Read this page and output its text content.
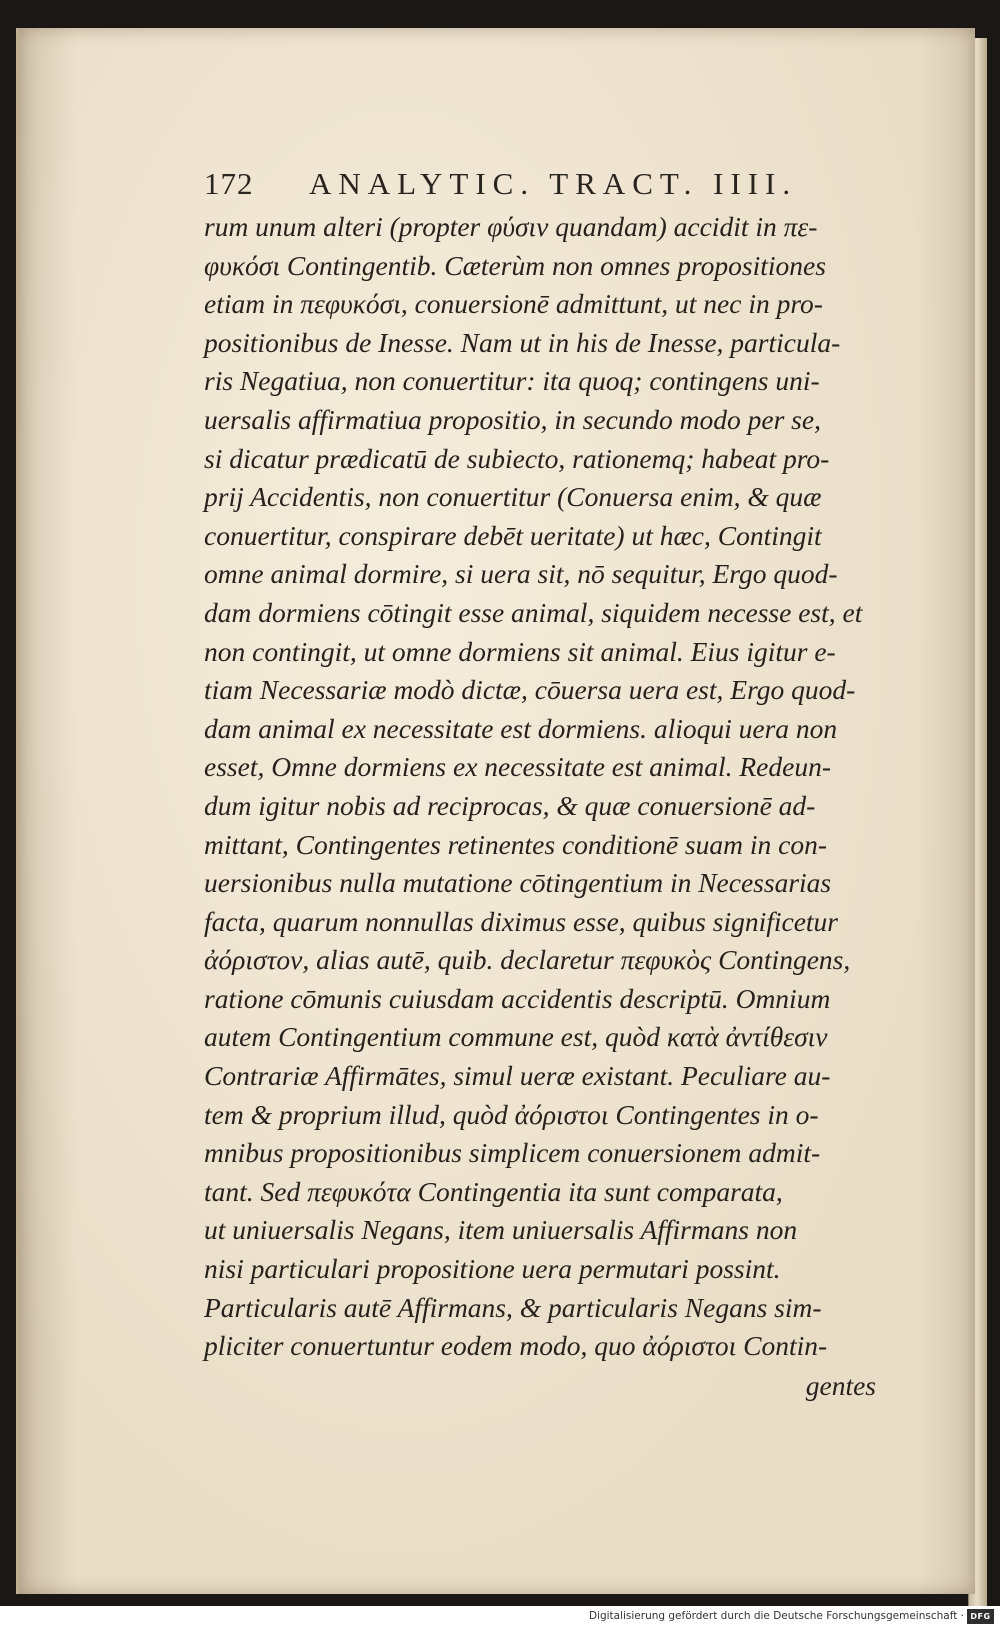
172 ANALYTIC. TRACT. IIII.
rum unum alteri (propter φύσιν quandam) accidit in πε-
φυκόσι Contingentib. Cæterùm non omnes propositiones
etiam in πεφυκόσι, conuersionē admittunt, ut nec in pro-
positionibus de Inesse. Nam ut in his de Inesse, particula-
ris Negatiua, non conuertitur: ita quoq; contingens uni-
uersalis affirmatiua propositio, in secundo modo per se,
si dicatur prædicatū de subiecto, rationemq; habeat pro-
prij Accidentis, non conuertitur (Conuersa enim, & quæ
conuertitur, conspirare debēt ueritate) ut hæc, Contingit
omne animal dormire, si uera sit, nō sequitur, Ergo quod-
dam dormiens cōtingit esse animal, siquidem necesse est, et
non contingit, ut omne dormiens sit animal. Eius igitur e-
tiam Necessariæ modò dictæ, cōuersa uera est, Ergo quod-
dam animal ex necessitate est dormiens. alioqui uera non
esset, Omne dormiens ex necessitate est animal. Redeun-
dum igitur nobis ad reciprocas, & quæ conuersionē ad-
mittant, Contingentes retinentes conditionē suam in con-
uersionibus nulla mutatione cōtingentium in Necessarias
facta, quarum nonnullas diximus esse, quibus significetur
ἀόριστον, alias autē, quib. declaretur πεφυκὸς Contingens,
ratione cōmunis cuiusdam accidentis descriptū. Omnium
autem Contingentium commune est, quòd κατὰ ἀντίθεσιν
Contrariæ Affirmātes, simul ueræ existant. Peculiare au-
tem & proprium illud, quòd ἀόριστοι Contingentes in o-
mnibus propositionibus simplicem conuersionem admit-
tant. Sed πεφυκότα Contingentia ita sunt comparata,
ut uniuersalis Negans, item uniuersalis Affirmans non
nisi particulari propositione uera permutari possint.
Particularis autē Affirmans, & particularis Negans sim-
pliciter conuertuntur eodem modo, quo ἀόριστοι Contin-
gentes
Digitalisierung gefördert durch die Deutsche Forschungsgemeinschaft · DFG
